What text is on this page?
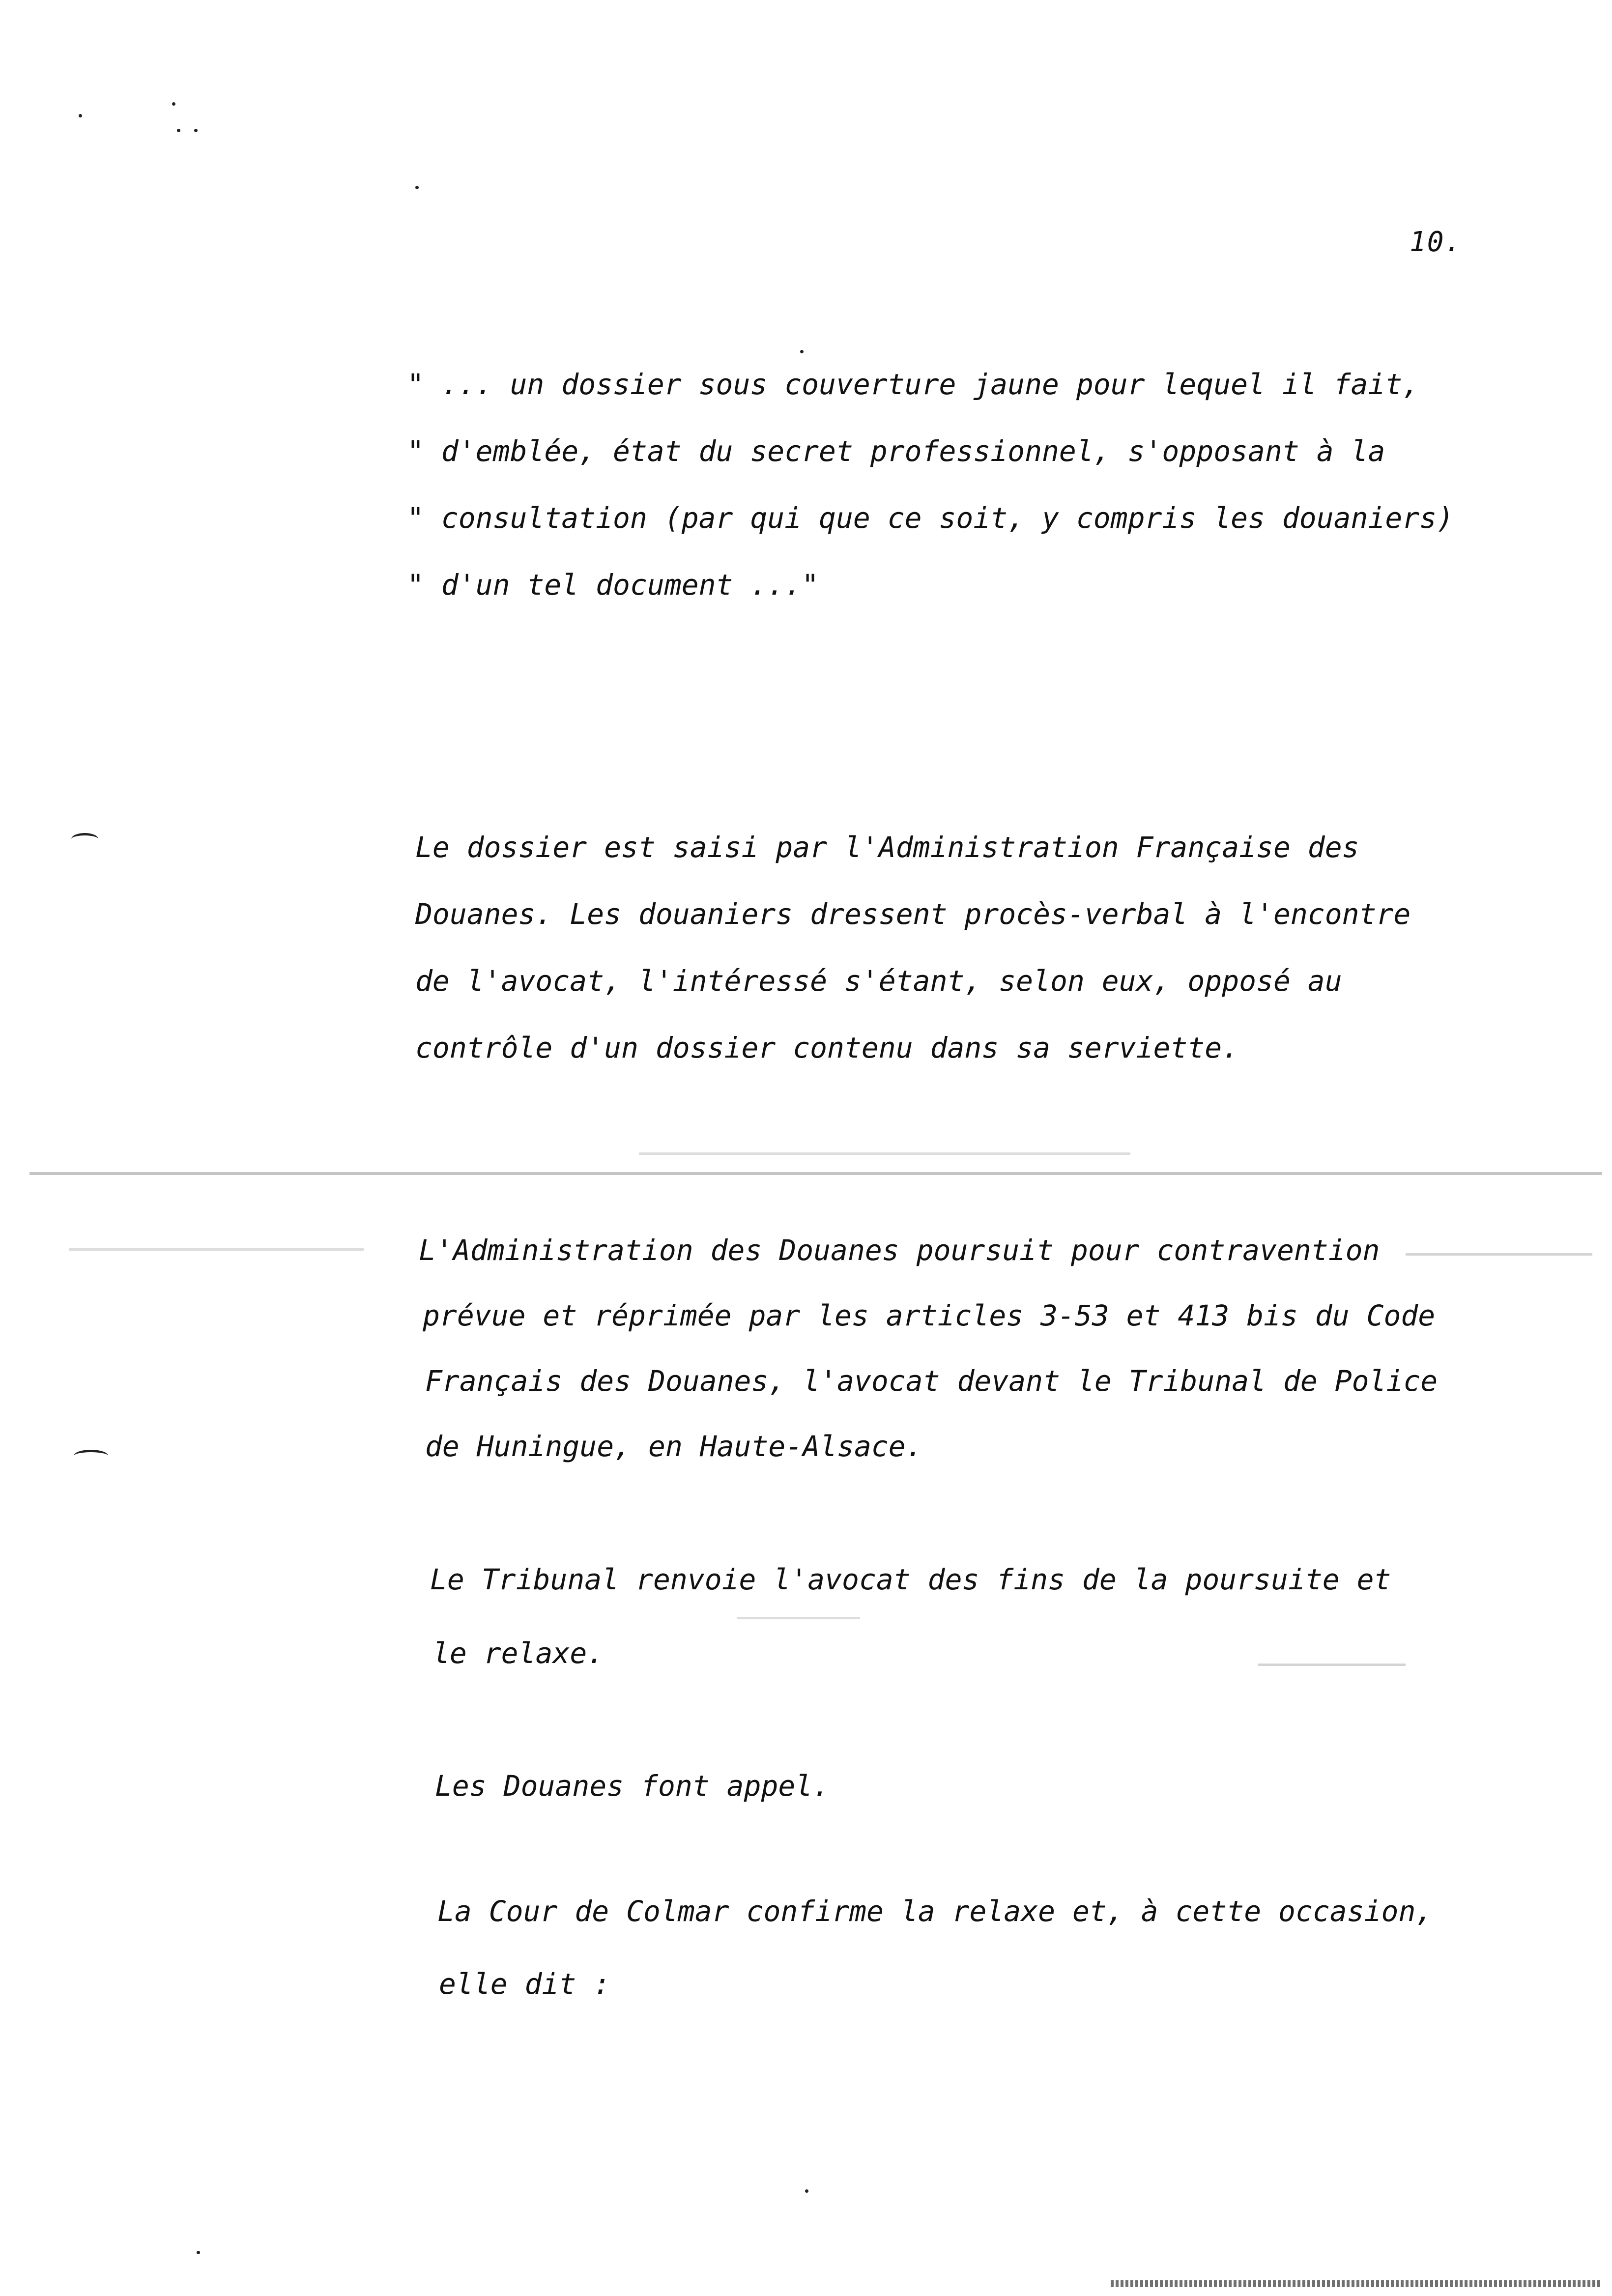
10.
" ... un dossier sous couverture jaune pour lequel il fait,
" d'emblée, état du secret professionnel, s'opposant à la
" consultation (par qui que ce soit, y compris les douaniers)
" d'un tel document ..."
Le dossier est saisi par l'Administration Française des
Douanes. Les douaniers dressent procès-verbal à l'encontre
de l'avocat, l'intéressé s'étant, selon eux, opposé au
contrôle d'un dossier contenu dans sa serviette.
L'Administration des Douanes poursuit pour contravention
prévue et réprimée par les articles 3-53 et 413 bis du Code
Français des Douanes, l'avocat devant le Tribunal de Police
de Huningue, en Haute-Alsace.
Le Tribunal renvoie l'avocat des fins de la poursuite et
le relaxe.
Les Douanes font appel.
La Cour de Colmar confirme la relaxe et, à cette occasion,
elle dit :
